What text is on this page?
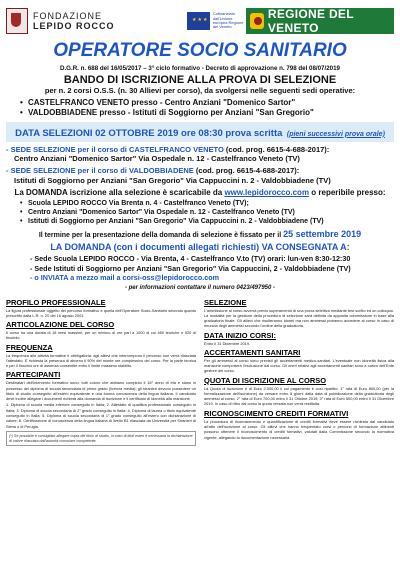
FONDAZIONE
LEPIDO ROCCO
★★★
Cofinanziato dall'Unione europea Regione del Veneto
REGIONE DEL VENETO
OPERATORE SOCIO SANITARIO
D.G.R. n. 688 del 16/05/2017 – 3° ciclo formativo - Decreto di approvazione n. 798 del 08/07/2019
BANDO DI ISCRIZIONE ALLA PROVA DI SELEZIONE
per n. 2 corsi O.S.S. (n. 30 Allievi per corso), da svolgersi nelle seguenti sedi operative:
• CASTELFRANCO VENETO presso - Centro Anziani "Domenico Sartor"
• VALDOBBIADENE presso - Istituti di Soggiorno per Anziani "San Gregorio"
DATA SELEZIONI 02 OTTOBRE 2019 ore 08:30 prova scritta (pieni successivi prova orale)
- SEDE SELEZIONE per il corso di CASTELFRANCO VENETO (cod. prog. 6615-4-688-2017):
Centro Anziani "Domenico Sartor" Via Ospedale n. 12 - Castelfranco Veneto (TV)
- SEDE SELEZIONE per il corso di VALDOBBIADENE (cod. prog. 6615-4-688-2017):
Istituti di Soggiorno per Anziani "San Gregorio" Via Cappuccini n. 2 - Valdobbiadene (TV)
La DOMANDA iscrizione alla selezione è scaricabile da www.lepidorocco.com o reperibile presso:
• Scuola LEPIDO ROCCO Via Brenta n. 4 - Castelfranco Veneto (TV);
• Centro Anziani "Domenico Sartor" Via Ospedale n. 12 - Castelfranco Veneto (TV)
• Istituti di Soggiorno per Anziani "San Gregorio" Via Cappuccini n. 2 - Valdobbiadene (TV)
Il termine per la presentazione della domanda di selezione è fissato per il 25 settembre 2019
LA DOMANDA (con i documenti allegati richiesti) VA CONSEGNATA A:
- Sede Scuola LEPIDO ROCCO - Via Brenta, 4 - Castelfranco V.to (TV) orari: lun-ven 8:30-12:30
- Sede Istituti di Soggiorno per Anziani "San Gregorio" Via Cappuccini, 2 - Valdobbiadene (TV)
- o INVIATA a mezzo mail a corsi-oss@lepidorocco.com
- per informazioni contattare il numero 0423/497950 -
PROFILO PROFESSIONALE
La figura professionale oggetto del percorso formativo è quella dell'Operatore Socio-Sanitario secondo quanto prescritto dalla L.R. n. 20 del 16 agosto 2001.
ARTICOLAZIONE DEL CORSO
Il corso ha una durata di 18 mesi massimi, per un minimo di ore pari a 1000 di cui 480 teoriche e 520 di tirocinio.
FREQUENZA
La frequenza alle attività formative è obbligatoria: agli allievi che interrompono il percorso non verrà rilasciata l'attestato. È richiesta la presenza di almeno il 90% del monte ore complessivo del corso. Per la parte teorica e per il tirocinio ore di assenza consentite entro il limite massimo stabilito.
PARTECIPANTI
Destinatari dell'intervento formativo sono: tutti coloro che abbiano compiuto il 18° anno di età e siano in possesso del diploma di scuola secondaria di primo grado (licenza media); gli stranieri devono possedere un titolo di studio conseguito all'estero equivalente e una buona conoscenza della lingua italiana. Il candidato deve inoltre allegare i documenti richiesti alla domanda di iscrizione e il certificato di idoneità alla mansione.
1. Diploma di scuola media inferiore conseguito in Italia; 2. Attestato di qualifica professionale conseguito in Italia; 3. Diploma di scuola secondaria di 2° grado conseguito in Italia; 4. Diploma di laurea o titolo equivalente conseguito in Italia; 5. Diploma di scuola secondaria di 1° grado conseguito all'estero con dichiarazione di valore; 6. Certificazione di conoscenza della lingua italiana di livello B1 rilasciata da Università per Stranieri di Siena o di Perugia.
(*) Se possibile è consigliato allegare copia del titolo di studio, in caso di titoli esteri è necessaria la dichiarazione di valore rilasciata dall'autorità consolare competente.
SELEZIONE
L'ammissione al corso avverrà previo superamento di una prova selettiva mediante test scritto ed un colloquio. La modalità per la gestione della procedura di selezione sarà definita da apposita commissione in base alla graduatoria finale. Gli allievi che risulteranno idonei ma non ammessi potranno accedere al corso in caso di rinuncia degli ammessi secondo l'ordine della graduatoria.
DATA INIZIO CORSI:
Entro il 31 Dicembre 2019.
ACCERTAMENTI SANITARI
Per gli ammessi al corso sono previsti gli accertamenti medico-sanitari. L'eventuale non idoneità fisica alla mansione comporterà l'esclusione dal corso. Gli oneri relativi agli accertamenti sanitari sono a carico dell'Ente gestore del corso.
QUOTA DI ISCRIZIONE AL CORSO
La Quota di iscrizione è di Euro 2.000,00 il cui pagamento è così ripartito: 1° rata di Euro 800,00 (per la formalizzazione dell'iscrizione) da versare entro 5 giorni dalla data di pubblicazione della graduatoria degli ammessi al corso; 2° rata di Euro 700,00 entro il 31 Ottobre 2019; 3° rata di Euro 500,00 entro il 31 Dicembre 2019. In caso di ritiro dal corso la quota versata non verrà restituita.
RICONOSCIMENTO CREDITI FORMATIVI
La procedura di riconoscimento e quantificazione di crediti formativi deve essere richiesta dal candidato all'atto dell'iscrizione al corso. Gli allievi che hanno frequentato corsi o percorsi di formazione attinenti possono ottenere il riconoscimento di crediti formativi, valutati dalla Commissione secondo la normativa vigente, allegando la documentazione necessaria.
